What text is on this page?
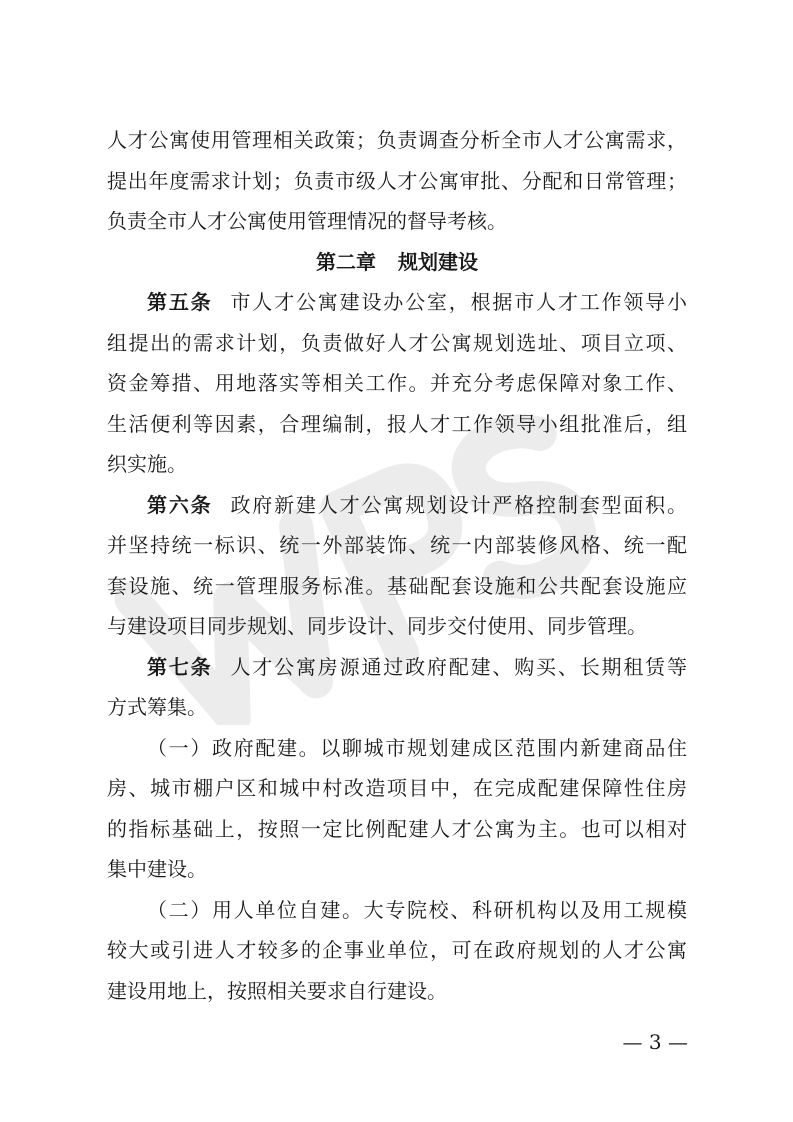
人才公寓使用管理相关政策；负责调查分析全市人才公寓需求，
提出年度需求计划；负责市级人才公寓审批、分配和日常管理；
负责全市人才公寓使用管理情况的督导考核。
第二章 规划建设
第五条 市人才公寓建设办公室，根据市人才工作领导小
组提出的需求计划，负责做好人才公寓规划选址、项目立项、
资金筹措、用地落实等相关工作。并充分考虑保障对象工作、
生活便利等因素，合理编制，报人才工作领导小组批准后，组
织实施。
第六条 政府新建人才公寓规划设计严格控制套型面积。
并坚持统一标识、统一外部装饰、统一内部装修风格、统一配
套设施、统一管理服务标准。基础配套设施和公共配套设施应
与建设项目同步规划、同步设计、同步交付使用、同步管理。
第七条 人才公寓房源通过政府配建、购买、长期租赁等
方式筹集。
（一）政府配建。以聊城市规划建成区范围内新建商品住
房、城市棚户区和城中村改造项目中，在完成配建保障性住房
的指标基础上，按照一定比例配建人才公寓为主。也可以相对
集中建设。
（二）用人单位自建。大专院校、科研机构以及用工规模
较大或引进人才较多的企事业单位，可在政府规划的人才公寓
建设用地上，按照相关要求自行建设。
— 3 —
